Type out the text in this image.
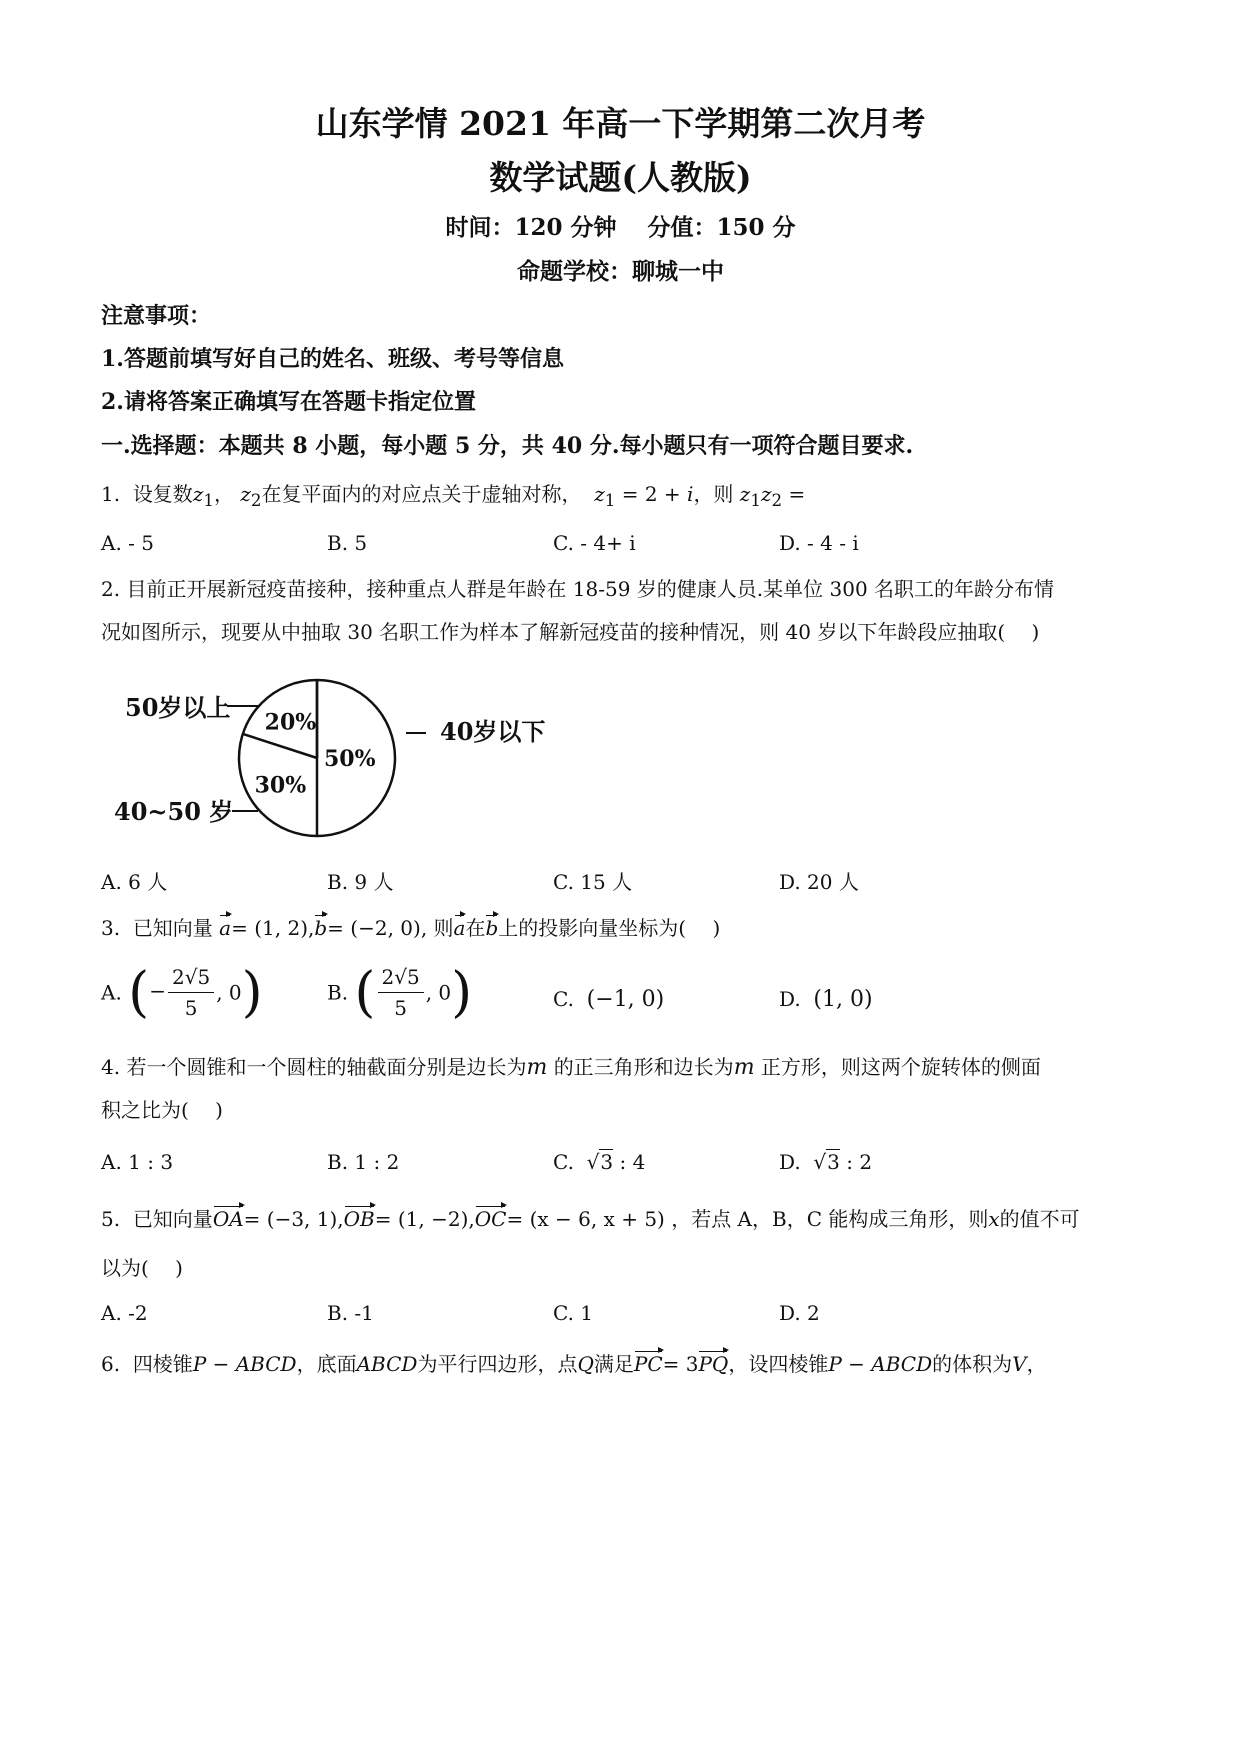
山东学情 2021 年高一下学期第二次月考
数学试题(人教版)
时间：120 分钟　 分值：150 分
命题学校：聊城一中
注意事项：
1.答题前填写好自己的姓名、班级、考号等信息
2.请将答案正确填写在答题卡指定位置
一.选择题：本题共 8 小题，每小题 5 分，共 40 分.每小题只有一项符合题目要求.
1. 设复数$z_1$， $z_2$在复平面内的对应点关于虚轴对称， $z_1 = 2 + i$，则 $z_1z_2$ =
A. - 5	B. 5	C. - 4+ i	D. - 4 - i
2. 目前正开展新冠疫苗接种，接种重点人群是年龄在 18-59 岁的健康人员.某单位 300 名职工的年龄分布情
况如图所示，现要从中抽取 30 名职工作为样本了解新冠疫苗的接种情况，则 40 岁以下年龄段应抽取(　 )
50%
40岁以下
30%
40~50 岁
20%
50岁以上
A. 6 人	B. 9 人	C. 15 人	D. 20 人
3. 已知向量 a= (1, 2),b= (−2, 0), 则a在b上的投影向量坐标为(　 )
A. (− $\frac{2√5}{5}$ , 0)	B. ( $\frac{2√5}{5}$ , 0)	C. (−1, 0)	D. (1, 0)
4. 若一个圆锥和一个圆柱的轴截面分别是边长为m 的正三角形和边长为m 正方形，则这两个旋转体的侧面
积之比为(　 )
A. 1 : 3	B. 1 : 2	C.  √3 : 4	D.  √3 : 2
5. 已知向量OA= (−3, 1),OB= (1, −2),OC= (x − 6, x + 5) ，若点 A，B，C 能构成三角形，则x的值不可
以为(　 )
A. -2	B. -1	C. 1	D. 2
6. 四棱锥P − ABCD，底面ABCD为平行四边形，点Q满足PC= 3PQ，设四棱锥P − ABCD的体积为V，
